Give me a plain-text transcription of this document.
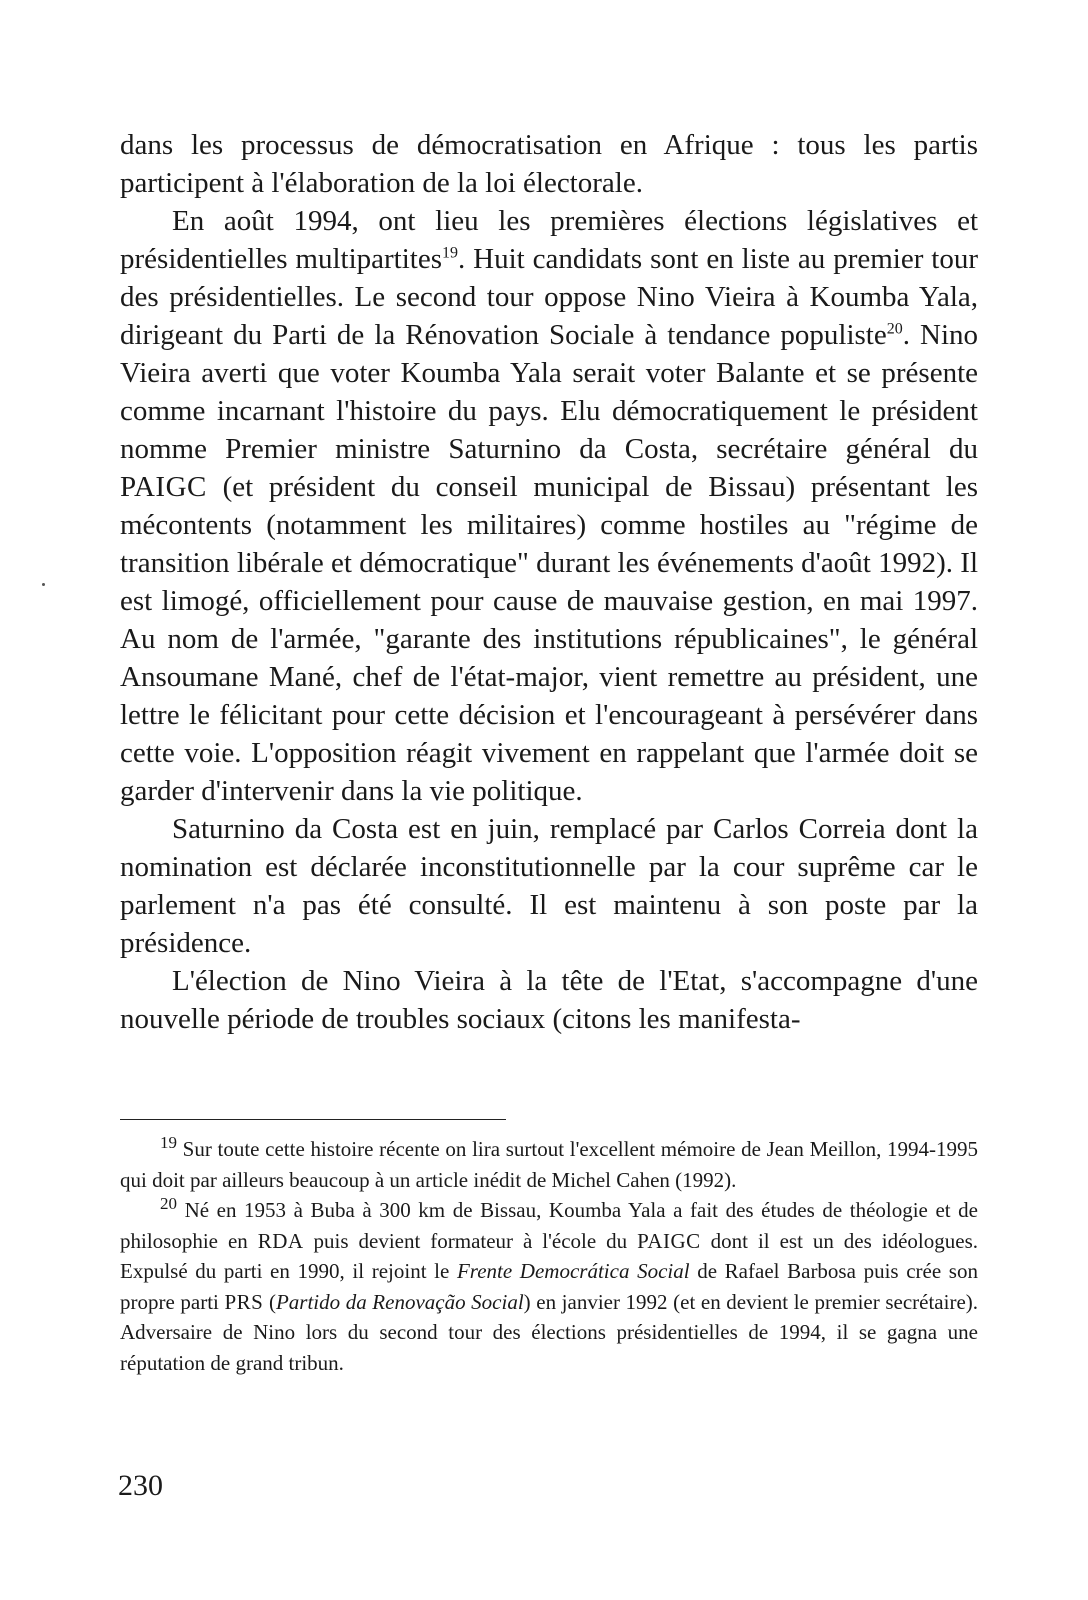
dans les processus de démocratisation en Afrique : tous les partis participent à l'élaboration de la loi électorale.

En août 1994, ont lieu les premières élections législatives et présidentielles multipartites$^{19}$. Huit candidats sont en liste au premier tour des présidentielles. Le second tour oppose Nino Vieira à Koumba Yala, dirigeant du Parti de la Rénovation Sociale à tendance populiste$^{20}$. Nino Vieira averti que voter Koumba Yala serait voter Balante et se présente comme incarnant l'histoire du pays. Elu démocratiquement le président nomme Premier ministre Saturnino da Costa, secrétaire général du PAIGC (et président du conseil municipal de Bissau) présentant les mécontents (notamment les militaires) comme hostiles au "régime de transition libérale et démocratique" durant les événements d'août 1992). Il est limogé, officiellement pour cause de mauvaise gestion, en mai 1997. Au nom de l'armée, "garante des institutions républicaines", le général Ansoumane Mané, chef de l'état-major, vient remettre au président, une lettre le félicitant pour cette décision et l'encourageant à persévérer dans cette voie. L'opposition réagit vivement en rappelant que l'armée doit se garder d'intervenir dans la vie politique.

Saturnino da Costa est en juin, remplacé par Carlos Correia dont la nomination est déclarée inconstitutionnelle par la cour suprême car le parlement n'a pas été consulté. Il est maintenu à son poste par la présidence.

L'élection de Nino Vieira à la tête de l'Etat, s'accompagne d'une nouvelle période de troubles sociaux (citons les manifesta-

$^{19}$ Sur toute cette histoire récente on lira surtout l'excellent mémoire de Jean Meillon, 1994-1995 qui doit par ailleurs beaucoup à un article inédit de Michel Cahen (1992).

$^{20}$ Né en 1953 à Buba à 300 km de Bissau, Koumba Yala a fait des études de théologie et de philosophie en RDA puis devient formateur à l'école du PAIGC dont il est un des idéologues. Expulsé du parti en 1990, il rejoint le Frente Democrática Social de Rafael Barbosa puis crée son propre parti PRS (Partido da Renovação Social) en janvier 1992 (et en devient le premier secrétaire). Adversaire de Nino lors du second tour des élections présidentielles de 1994, il se gagna une réputation de grand tribun.

230
